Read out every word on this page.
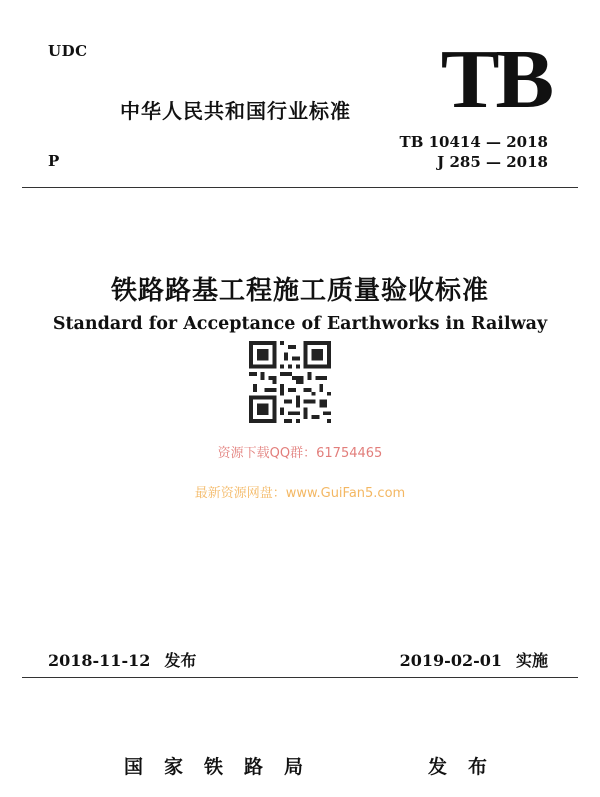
UDC	TB
中华人民共和国行业标准
P
TB 10414 — 2018
J 285 — 2018
铁路路基工程施工质量验收标准
Standard for Acceptance of Earthworks in Railway
资源下载QQ群：61754465
最新资源网盘：www.GuiFan5.com
2018-11-12 发布	2019-02-01 实施
国家铁路局	发布
